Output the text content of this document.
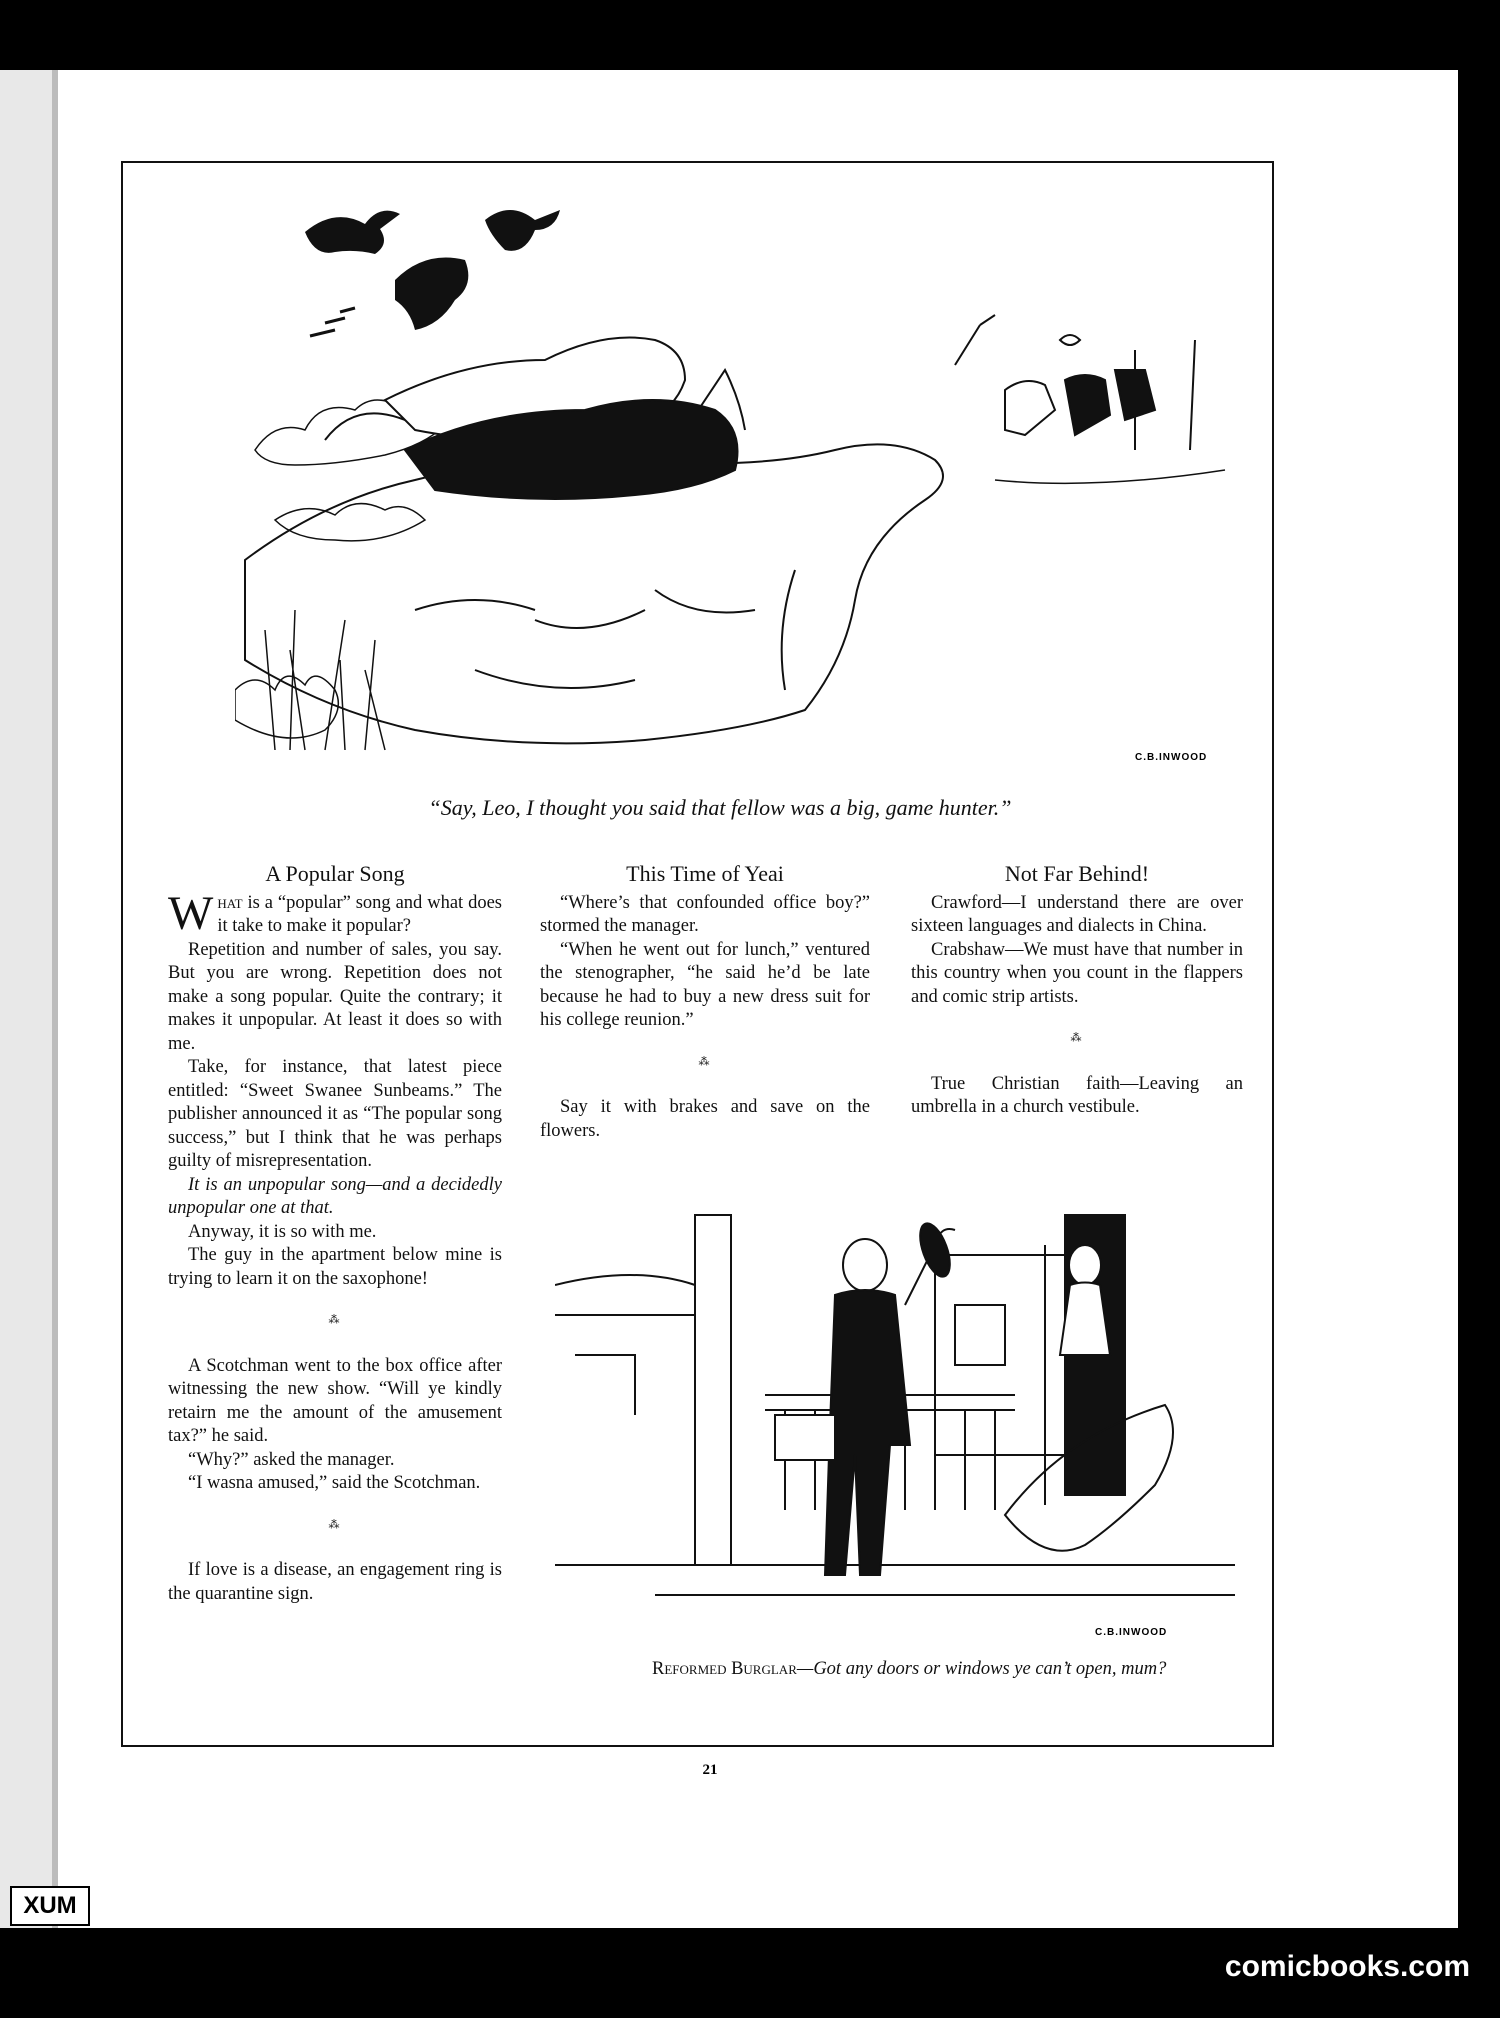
C.B.INWOOD
“Say, Leo, I thought you said that fellow was a big, game hunter.”
A Popular Song

What is a “popular” song and what does it take to make it popular?

Repetition and number of sales, you say. But you are wrong. Repetition does not make a song popular. Quite the contrary; it makes it unpopular. At least it does so with me.

Take, for instance, that latest piece entitled: “Sweet Swanee Sunbeams.” The publisher announced it as “The popular song success,” but I think that he was perhaps guilty of misrepresentation.

It is an unpopular song—and a decidedly unpopular one at that.

Anyway, it is so with me.

The guy in the apartment below mine is trying to learn it on the saxophone!

⁂

A Scotchman went to the box office after witnessing the new show. “Will ye kindly retairn me the amount of the amusement tax?” he said.

“Why?” asked the manager.

“I wasna amused,” said the Scotchman.

⁂

If love is a disease, an engagement ring is the quarantine sign.

This Time of Yeai

“Where’s that confounded office boy?” stormed the manager.

“When he went out for lunch,” ventured the stenographer, “he said he’d be late because he had to buy a new dress suit for his college reunion.”

⁂

Say it with brakes and save on the flowers.

Not Far Behind!

Crawford—I understand there are over sixteen languages and dialects in China.

Crabshaw—We must have that number in this country when you count in the flappers and comic strip artists.

⁂

True Christian faith—Leaving an umbrella in a church vestibule.

C.B.INWOOD
Reformed Burglar—Got any doors or windows ye can’t open, mum?
21
XUM
comicbooks.com
